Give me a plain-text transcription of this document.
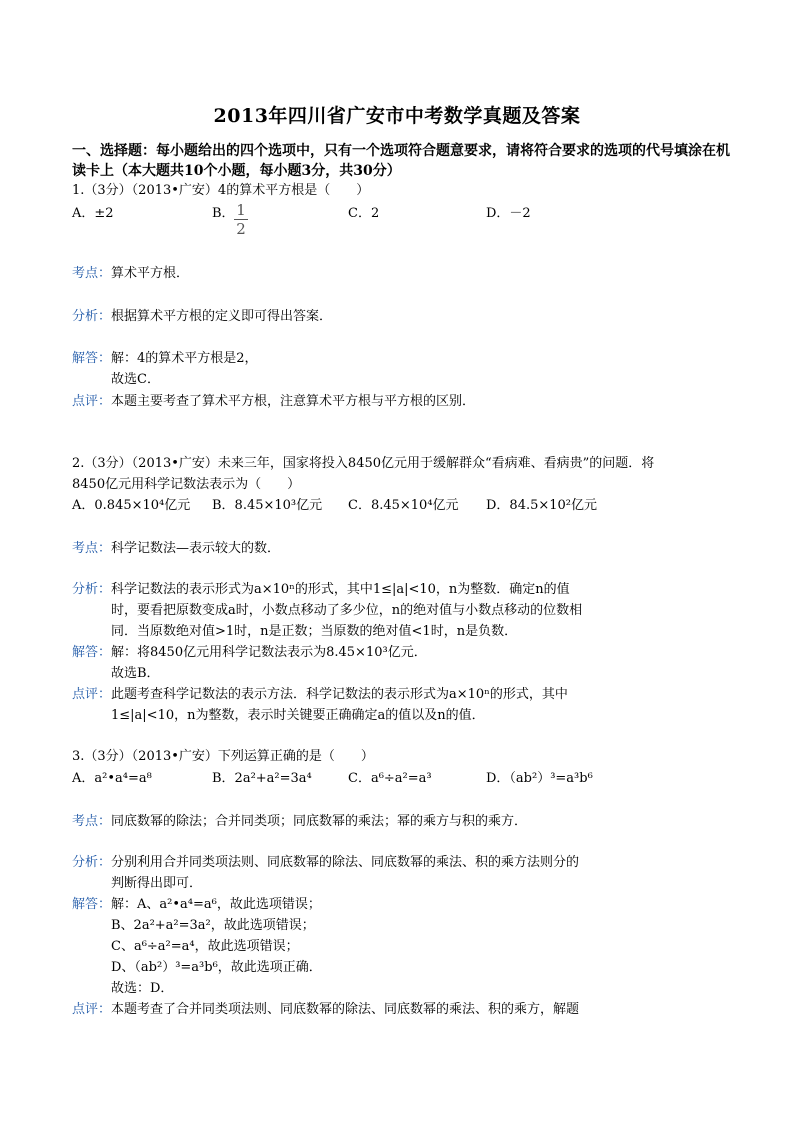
2013年四川省广安市中考数学真题及答案
一、选择题：每小题给出的四个选项中，只有一个选项符合题意要求，请将符合要求的选项的代号填涂在机读卡上（本大题共10个小题，每小题3分，共30分）
1.（3分）（2013•广安）4的算术平方根是（　　）
A．±2	B． 1
2
C．2	D．－2
考点：算术平方根．
分析：根据算术平方根的定义即可得出答案．
解答：解：4的算术平方根是2，
故选C．
点评：本题主要考查了算术平方根，注意算术平方根与平方根的区别．
2.（3分）（2013•广安）未来三年，国家将投入8450亿元用于缓解群众“看病难、看病贵”的问题．将
8450亿元用科学记数法表示为（　　）
A．0.845×10⁴亿元 B．8.45×10³亿元 C．8.45×10⁴亿元 D．84.5×10²亿元
考点：科学记数法—表示较大的数．
分析：科学记数法的表示形式为a×10ⁿ的形式，其中1≤|a|<10，n为整数．确定n的值
时，要看把原数变成a时，小数点移动了多少位，n的绝对值与小数点移动的位数相
同．当原数绝对值>1时，n是正数；当原数的绝对值<1时，n是负数．
解答：解：将8450亿元用科学记数法表示为8.45×10³亿元．
故选B．
点评：此题考查科学记数法的表示方法．科学记数法的表示形式为a×10ⁿ的形式，其中
1≤|a|<10，n为整数，表示时关键要正确确定a的值以及n的值．
3.（3分）（2013•广安）下列运算正确的是（　　）
A．a²•a⁴=a⁸	B．2a²+a²=3a⁴	C．a⁶÷a²=a³	D．（ab²）³=a³b⁶
考点：同底数幂的除法；合并同类项；同底数幂的乘法；幂的乘方与积的乘方．
分析：分别利用合并同类项法则、同底数幂的除法、同底数幂的乘法、积的乘方法则分的
判断得出即可．
解答：解：A、a²•a⁴=a⁶，故此选项错误；
B、2a²+a²=3a²，故此选项错误；
C、a⁶÷a²=a⁴，故此选项错误；
D、（ab²）³=a³b⁶，故此选项正确．
故选：D．
点评：本题考查了合并同类项法则、同底数幂的除法、同底数幂的乘法、积的乘方，解题
